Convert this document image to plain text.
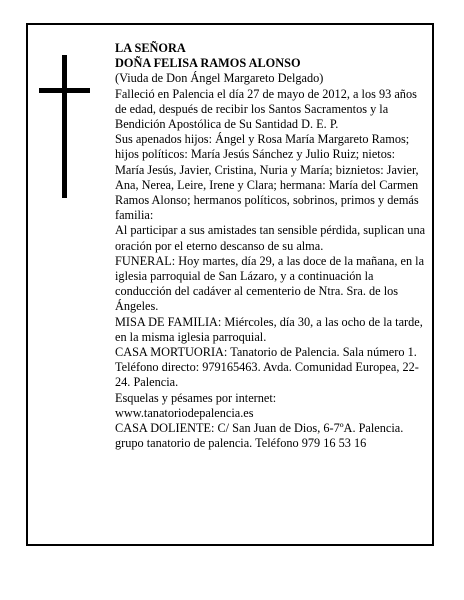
LA SEÑORA

DOÑA FELISA RAMOS ALONSO

(Viuda de Don Ángel Margareto Delgado)

Falleció en Palencia el día 27 de mayo de 2012, a los 93 años de edad, después de recibir los Santos Sacramentos y la Bendición Apostólica de Su Santidad D. E. P.

Sus apenados hijos: Ángel y Rosa María Margareto Ramos; hijos políticos: María Jesús Sánchez y Julio Ruiz; nietos: María Jesús, Javier, Cristina, Nuria y María; biznietos: Javier, Ana, Nerea, Leire, Irene y Clara; hermana: María del Carmen Ramos Alonso; hermanos políticos, sobrinos, primos y demás familia:

Al participar a sus amistades tan sensible pérdida, suplican una oración por el eterno descanso de su alma.

FUNERAL: Hoy martes, día 29, a las doce de la mañana, en la iglesia parroquial de San Lázaro, y a continuación la conducción del cadáver al cementerio de Ntra. Sra. de los Ángeles.

MISA DE FAMILIA: Miércoles, día 30, a las ocho de la tarde, en la misma iglesia parroquial.

CASA MORTUORIA: Tanatorio de Palencia. Sala número 1. Teléfono directo: 979165463. Avda. Comunidad Europea, 22-24. Palencia.

Esquelas y pésames por internet:

www.tanatoriodepalencia.es

CASA DOLIENTE: C/ San Juan de Dios, 6-7ºA. Palencia.

grupo tanatorio de palencia. Teléfono 979 16 53 16
